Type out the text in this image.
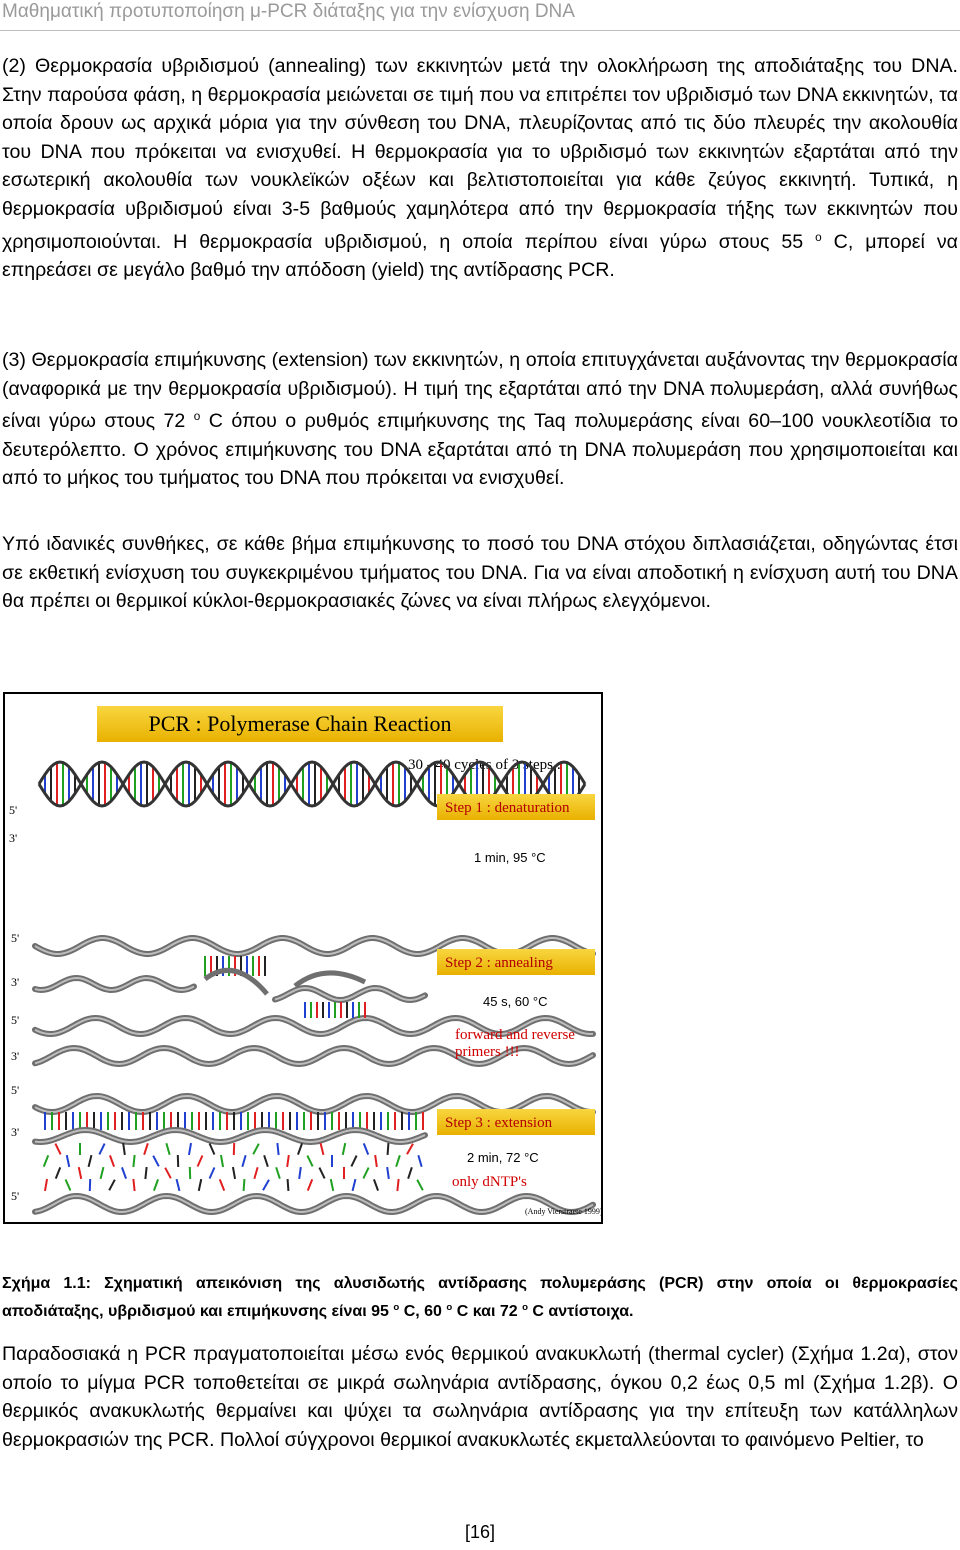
Μαθηματική προτυποποίηση μ-PCR διάταξης για την ενίσχυση DNA

(2) Θερμοκρασία υβριδισμού (annealing) των εκκινητών μετά την ολοκλήρωση της αποδιάταξης του DNA. Στην παρούσα φάση, η θερμοκρασία μειώνεται σε τιμή που να επιτρέπει τον υβριδισμό των DNA εκκινητών, τα οποία δρουν ως αρχικά μόρια για την σύνθεση του DNA, πλευρίζοντας από τις δύο πλευρές την ακολουθία του DNA που πρόκειται να ενισχυθεί. Η θερμοκρασία για το υβριδισμό των εκκινητών εξαρτάται από την εσωτερική ακολουθία των νουκλεϊκών οξέων και βελτιστοποιείται για κάθε ζεύγος εκκινητή. Τυπικά, η θερμοκρασία υβριδισμού είναι 3-5 βαθμούς χαμηλότερα από την θερμοκρασία τήξης των εκκινητών που χρησιμοποιούνται. Η θερμοκρασία υβριδισμού, η οποία περίπου είναι γύρω στους 55 $^o$ C, μπορεί να επηρεάσει σε μεγάλο βαθμό την απόδοση (yield) της αντίδρασης PCR.

(3) Θερμοκρασία επιμήκυνσης (extension) των εκκινητών, η οποία επιτυγχάνεται αυξάνοντας την θερμοκρασία (αναφορικά με την θερμοκρασία υβριδισμού). Η τιμή της εξαρτάται από την DNA πολυμεράση, αλλά συνήθως είναι γύρω στους 72 $^o$ C όπου ο ρυθμός επιμήκυνσης της Taq πολυμεράσης είναι 60–100 νουκλεοτίδια το δευτερόλεπτο. Ο χρόνος επιμήκυνσης του DNA εξαρτάται από τη DNA πολυμεράση που χρησιμοποιείται και από το μήκος του τμήματος του DNA που πρόκειται να ενισχυθεί.

Υπό ιδανικές συνθήκες, σε κάθε βήμα επιμήκυνσης το ποσό του DNA στόχου διπλασιάζεται, οδηγώντας έτσι σε εκθετική ενίσχυση του συγκεκριμένου τμήματος του DNA. Για να είναι αποδοτική η ενίσχυση αυτή του DNA θα πρέπει οι θερμικοί κύκλοι-θερμοκρασιακές ζώνες να είναι πλήρως ελεγχόμενοι.

PCR : Polymerase Chain Reaction
30 - 40 cycles of 3 steps :
5'
3'
Step 1 : denaturation
1 min, 95 °C
5'
3'
5'
3'
Step 2 : annealing
45 s, 60 °C
forward and reverse
primers !!!
5'
3'
5'
Step 3 : extension
2 min, 72 °C
only dNTP's
(Andy Vierstraete 1999)

Σχήμα 1.1: Σχηματική απεικόνιση της αλυσιδωτής αντίδρασης πολυμεράσης (PCR) στην οποία οι θερμοκρασίες αποδιάταξης, υβριδισμού και επιμήκυνσης είναι 95 $^o$ C, 60 $^o$ C και 72 $^o$ C αντίστοιχα.

Παραδοσιακά η PCR πραγματοποιείται μέσω ενός θερμικού ανακυκλωτή (thermal cycler) (Σχήμα 1.2α), στον οποίο το μίγμα PCR τοποθετείται σε μικρά σωληνάρια αντίδρασης, όγκου 0,2 έως 0,5 ml (Σχήμα 1.2β). Ο θερμικός ανακυκλωτής θερμαίνει και ψύχει τα σωληνάρια αντίδρασης για την επίτευξη των κατάλληλων θερμοκρασιών της PCR. Πολλοί σύγχρονοι θερμικοί ανακυκλωτές εκμεταλλεύονται το φαινόμενο Peltier, το

[16]
